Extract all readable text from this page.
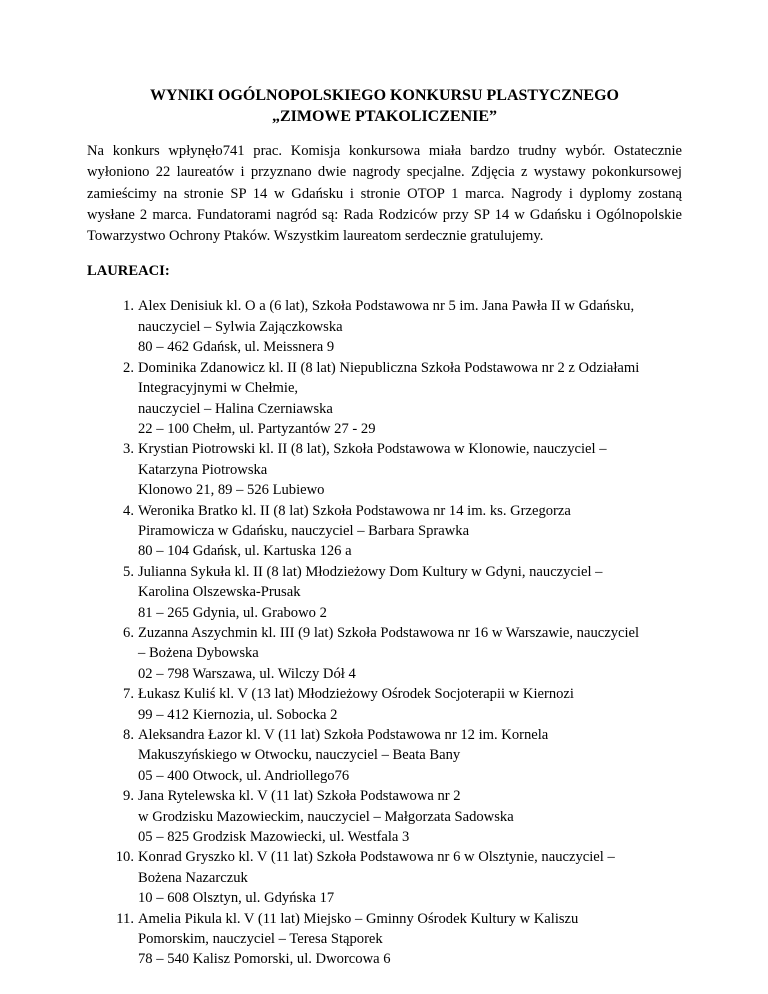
WYNIKI OGÓLNOPOLSKIEGO KONKURSU PLASTYCZNEGO
„ZIMOWE PTAKOLICZENIE”

Na konkurs wpłynęło741 prac. Komisja konkursowa miała bardzo trudny wybór. Ostatecznie wyłoniono 22 laureatów i przyznano dwie nagrody specjalne. Zdjęcia z wystawy pokonkursowej zamieścimy na stronie SP 14 w Gdańsku i stronie OTOP 1 marca. Nagrody i dyplomy zostaną wysłane 2 marca. Fundatorami nagród są: Rada Rodziców przy SP 14 w Gdańsku i Ogólnopolskie Towarzystwo Ochrony Ptaków. Wszystkim laureatom serdecznie gratulujemy.

LAUREACI:
1. Alex Denisiuk kl. O a (6 lat), Szkoła Podstawowa nr 5 im. Jana Pawła II w Gdańsku,
nauczyciel – Sylwia Zajączkowska
80 – 462 Gdańsk, ul. Meissnera 9
2. Dominika Zdanowicz kl. II (8 lat) Niepubliczna Szkoła Podstawowa nr 2 z Odziałami
Integracyjnymi w Chełmie,
nauczyciel – Halina Czerniawska
22 – 100 Chełm, ul. Partyzantów 27 - 29
3. Krystian Piotrowski kl. II (8 lat), Szkoła Podstawowa w Klonowie, nauczyciel –
Katarzyna Piotrowska
Klonowo 21, 89 – 526 Lubiewo
4. Weronika Bratko kl. II (8 lat) Szkoła Podstawowa nr 14 im. ks. Grzegorza
Piramowicza w Gdańsku, nauczyciel – Barbara Sprawka
80 – 104 Gdańsk, ul. Kartuska 126 a
5. Julianna Sykuła kl. II (8 lat) Młodzieżowy Dom Kultury w Gdyni, nauczyciel –
Karolina Olszewska-Prusak
81 – 265 Gdynia, ul. Grabowo 2
6. Zuzanna Aszychmin kl. III (9 lat) Szkoła Podstawowa nr 16 w Warszawie, nauczyciel
– Bożena Dybowska
02 – 798 Warszawa, ul. Wilczy Dół 4
7. Łukasz Kuliś kl. V (13 lat) Młodzieżowy Ośrodek Socjoterapii w Kiernozi
99 – 412 Kiernozia, ul. Sobocka 2
8. Aleksandra Łazor kl. V (11 lat) Szkoła Podstawowa nr 12 im. Kornela
Makuszyńskiego w Otwocku, nauczyciel – Beata Bany
05 – 400 Otwock, ul. Andriollego76
9. Jana Rytelewska kl. V (11 lat) Szkoła Podstawowa nr 2
w Grodzisku Mazowieckim, nauczyciel – Małgorzata Sadowska
05 – 825 Grodzisk Mazowiecki, ul. Westfala 3
10. Konrad Gryszko kl. V (11 lat) Szkoła Podstawowa nr 6 w Olsztynie, nauczyciel –
Bożena Nazarczuk
10 – 608 Olsztyn, ul. Gdyńska 17
11. Amelia Pikula kl. V (11 lat) Miejsko – Gminny Ośrodek Kultury w Kaliszu
Pomorskim, nauczyciel – Teresa Stąporek
78 – 540 Kalisz Pomorski, ul. Dworcowa 6
